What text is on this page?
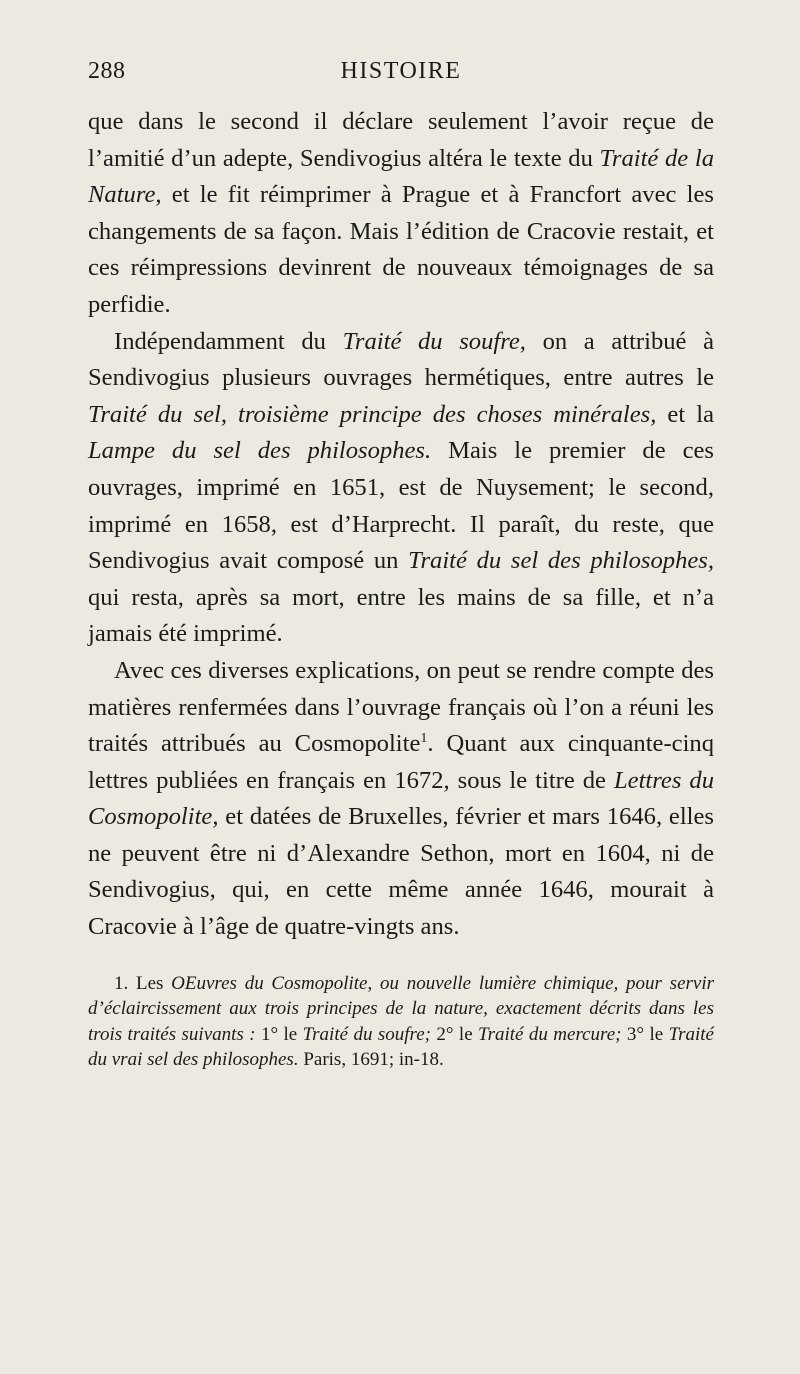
288	HISTOIRE

que dans le second il déclare seulement l’avoir reçue de l’amitié d’un adepte, Sendivogius altéra le texte du Traité de la Nature, et le fit réimprimer à Prague et à Francfort avec les changements de sa façon. Mais l’édition de Cracovie restait, et ces réimpressions devinrent de nouveaux témoignages de sa perfidie.

Indépendamment du Traité du soufre, on a attribué à Sendivogius plusieurs ouvrages hermétiques, entre autres le Traité du sel, troisième principe des choses minérales, et la Lampe du sel des philosophes. Mais le premier de ces ouvrages, imprimé en 1651, est de Nuysement; le second, imprimé en 1658, est d’Harprecht. Il paraît, du reste, que Sendivogius avait composé un Traité du sel des philosophes, qui resta, après sa mort, entre les mains de sa fille, et n’a jamais été imprimé.

Avec ces diverses explications, on peut se rendre compte des matières renfermées dans l’ouvrage français où l’on a réuni les traités attribués au Cosmopolite$^1$. Quant aux cinquante-cinq lettres publiées en français en 1672, sous le titre de Lettres du Cosmopolite, et datées de Bruxelles, février et mars 1646, elles ne peuvent être ni d’Alexandre Sethon, mort en 1604, ni de Sendivogius, qui, en cette même année 1646, mourait à Cracovie à l’âge de quatre-vingts ans.

1. Les OEuvres du Cosmopolite, ou nouvelle lumière chimique, pour servir d’éclaircissement aux trois principes de la nature, exactement décrits dans les trois traités suivants : 1° le Traité du soufre; 2° le Traité du mercure; 3° le Traité du vrai sel des philosophes. Paris, 1691; in-18.
